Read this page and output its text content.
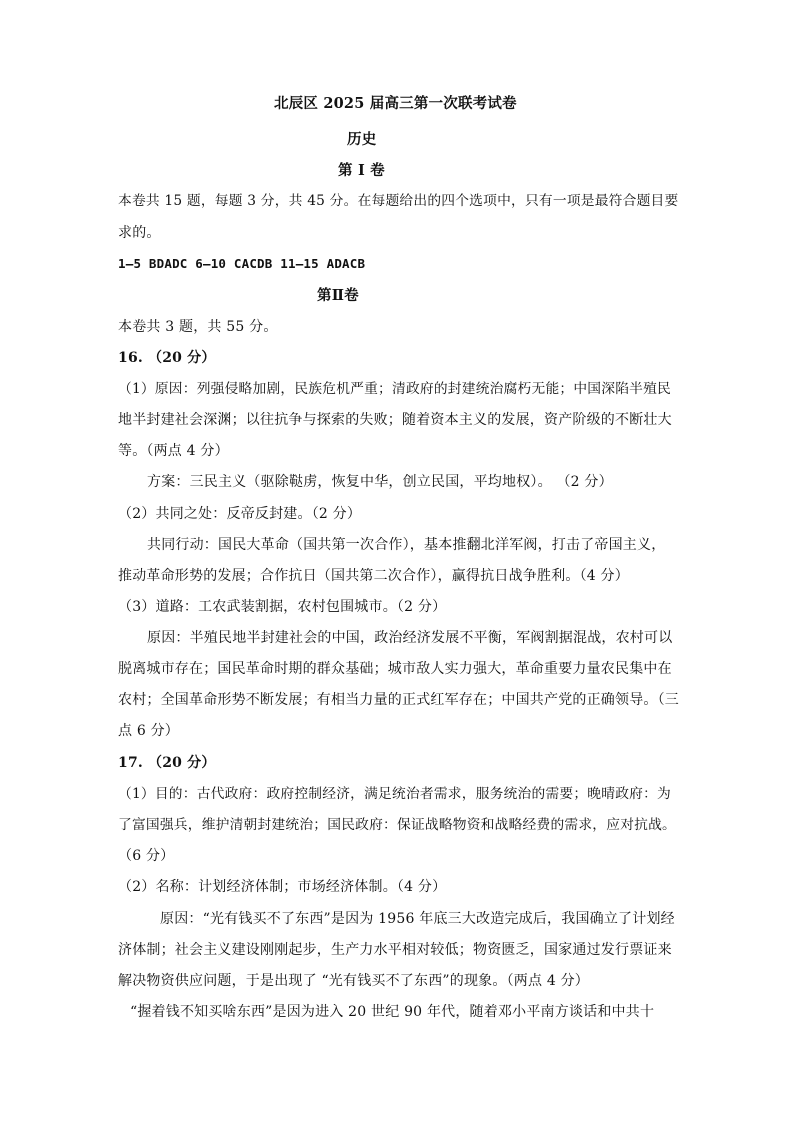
北辰区 2025 届高三第一次联考试卷
历史
第 I 卷
本卷共 15 题，每题 3 分，共 45 分。在每题给出的四个选项中，只有一项是最符合题目要
求的。
1—5 BDADC 6—10 CACDB 11—15 ADACB
第Ⅱ卷
本卷共 3 题，共 55 分。
16. （20 分）
（1）原因：列强侵略加剧，民族危机严重；清政府的封建统治腐朽无能；中国深陷半殖民
地半封建社会深渊；以往抗争与探索的失败；随着资本主义的发展，资产阶级的不断壮大
等。（两点 4 分）
方案：三民主义（驱除鞑虏，恢复中华，创立民国，平均地权）。 （2 分）
（2）共同之处：反帝反封建。（2 分）
共同行动：国民大革命（国共第一次合作），基本推翻北洋军阀，打击了帝国主义，
推动革命形势的发展；合作抗日（国共第二次合作），赢得抗日战争胜利。（4 分）
（3）道路：工农武装割据，农村包围城市。（2 分）
原因：半殖民地半封建社会的中国，政治经济发展不平衡，军阀割据混战，农村可以
脱离城市存在；国民革命时期的群众基础；城市敌人实力强大，革命重要力量农民集中在
农村；全国革命形势不断发展；有相当力量的正式红军存在；中国共产党的正确领导。（三
点 6 分）
17. （20 分）
（1）目的：古代政府：政府控制经济，满足统治者需求，服务统治的需要；晚晴政府：为
了富国强兵，维护清朝封建统治；国民政府：保证战略物资和战略经费的需求，应对抗战。
（6 分）
（2）名称：计划经济体制；市场经济体制。（4 分）
原因：“光有钱买不了东西”是因为 1956 年底三大改造完成后，我国确立了计划经
济体制；社会主义建设刚刚起步，生产力水平相对较低；物资匮乏，国家通过发行票证来
解决物资供应问题，于是出现了 “光有钱买不了东西”的现象。（两点 4 分）
“握着钱不知买啥东西”是因为进入 20 世纪 90 年代，随着邓小平南方谈话和中共十
